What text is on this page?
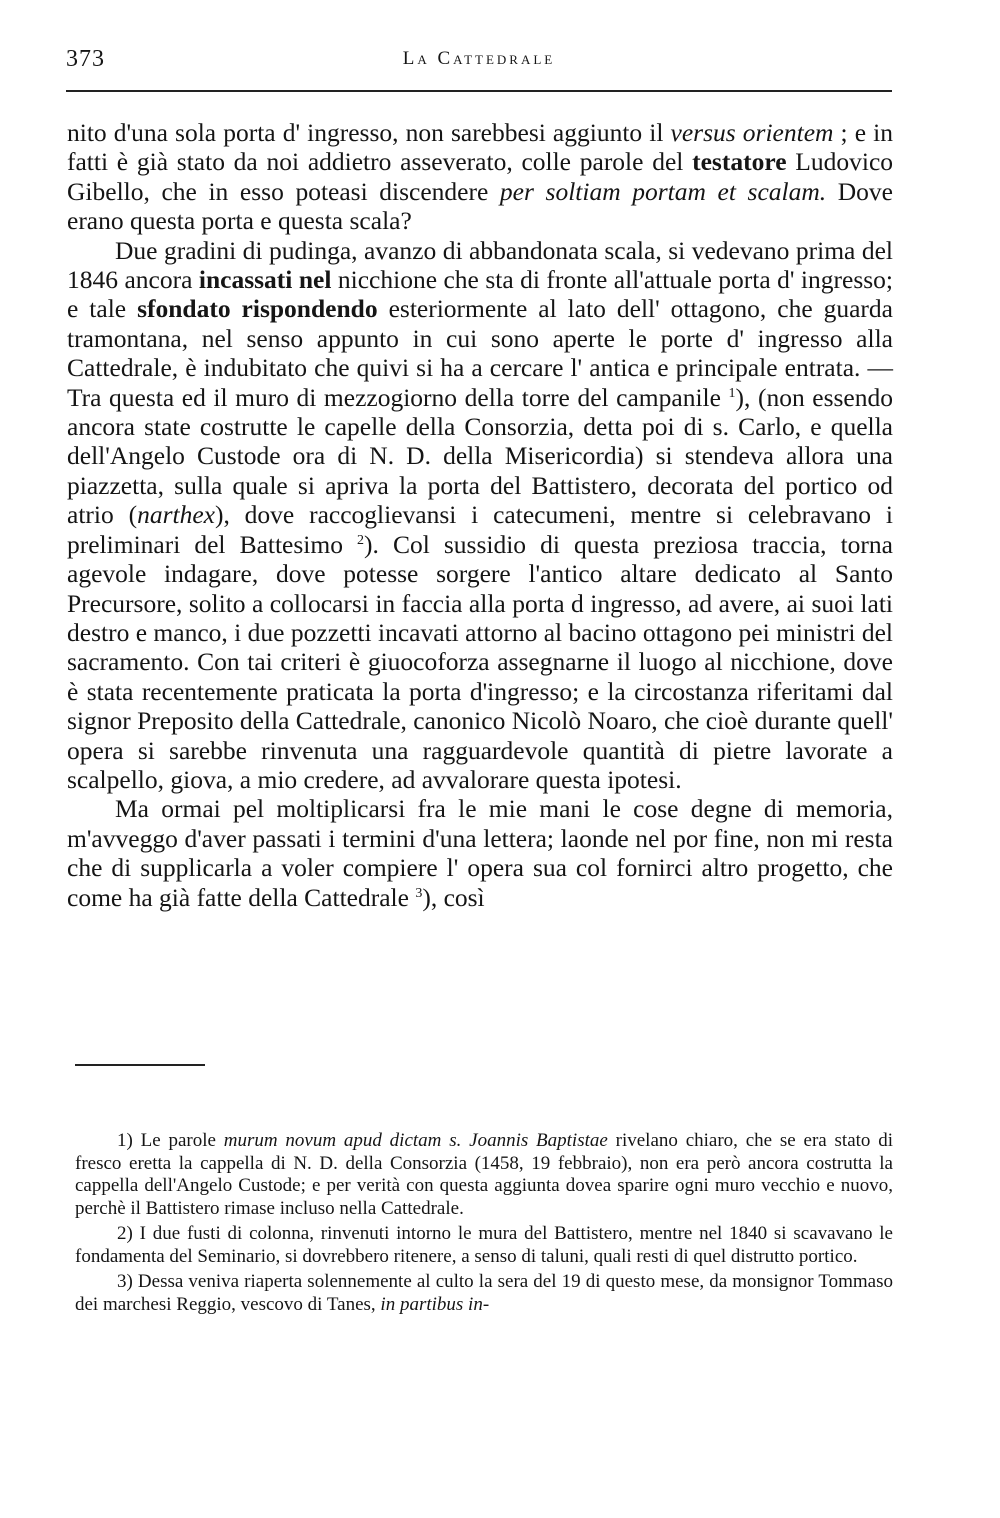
373	La Cattedrale

nito d'una sola porta d' ingresso, non sarebbesi aggiunto il versus orientem ; e in fatti è già stato da noi addietro asseverato, colle parole del testatore Ludovico Gibello, che in esso poteasi discendere per soltiam portam et scalam. Dove erano questa porta e questa scala?

Due gradini di pudinga, avanzo di abbandonata scala, si vedevano prima del 1846 ancora incassati nel nicchione che sta di fronte all'attuale porta d' ingresso; e tale sfondato rispondendo esteriormente al lato dell' ottagono, che guarda tramontana, nel senso appunto in cui sono aperte le porte d' ingresso alla Cattedrale, è indubitato che quivi si ha a cercare l' antica e principale entrata. — Tra questa ed il muro di mezzogiorno della torre del campanile $^1$), (non essendo ancora state costrutte le capelle della Consorzia, detta poi di s. Carlo, e quella dell'Angelo Custode ora di N. D. della Misericordia) si stendeva allora una piazzetta, sulla quale si apriva la porta del Battistero, decorata del portico od atrio (narthex), dove raccoglievansi i catecumeni, mentre si celebravano i preliminari del Battesimo $^2$). Col sussidio di questa preziosa traccia, torna agevole indagare, dove potesse sorgere l'antico altare dedicato al Santo Precursore, solito a collocarsi in faccia alla porta d ingresso, ad avere, ai suoi lati destro e manco, i due pozzetti incavati attorno al bacino ottagono pei ministri del sacramento. Con tai criteri è giuocoforza assegnarne il luogo al nicchione, dove è stata recentemente praticata la porta d'ingresso; e la circostanza riferitami dal signor Preposito della Cattedrale, canonico Nicolò Noaro, che cioè durante quell' opera si sarebbe rinvenuta una ragguardevole quantità di pietre lavorate a scalpello, giova, a mio credere, ad avvalorare questa ipotesi.

Ma ormai pel moltiplicarsi fra le mie mani le cose degne di memoria, m'avveggo d'aver passati i termini d'una lettera; laonde nel por fine, non mi resta che di supplicarla a voler compiere l' opera sua col fornirci altro progetto, che come ha già fatte della Cattedrale $^3$), così

1) Le parole murum novum apud dictam s. Joannis Baptistae rivelano chiaro, che se era stato di fresco eretta la cappella di N. D. della Consorzia (1458, 19 febbraio), non era però ancora costrutta la cappella dell'Angelo Custode; e per verità con questa aggiunta dovea sparire ogni muro vecchio e nuovo, perchè il Battistero rimase incluso nella Cattedrale.

2) I due fusti di colonna, rinvenuti intorno le mura del Battistero, mentre nel 1840 si scavavano le fondamenta del Seminario, si dovrebbero ritenere, a senso di taluni, quali resti di quel distrutto portico.

3) Dessa veniva riaperta solennemente al culto la sera del 19 di questo mese, da monsignor Tommaso dei marchesi Reggio, vescovo di Tanes, in partibus in-
